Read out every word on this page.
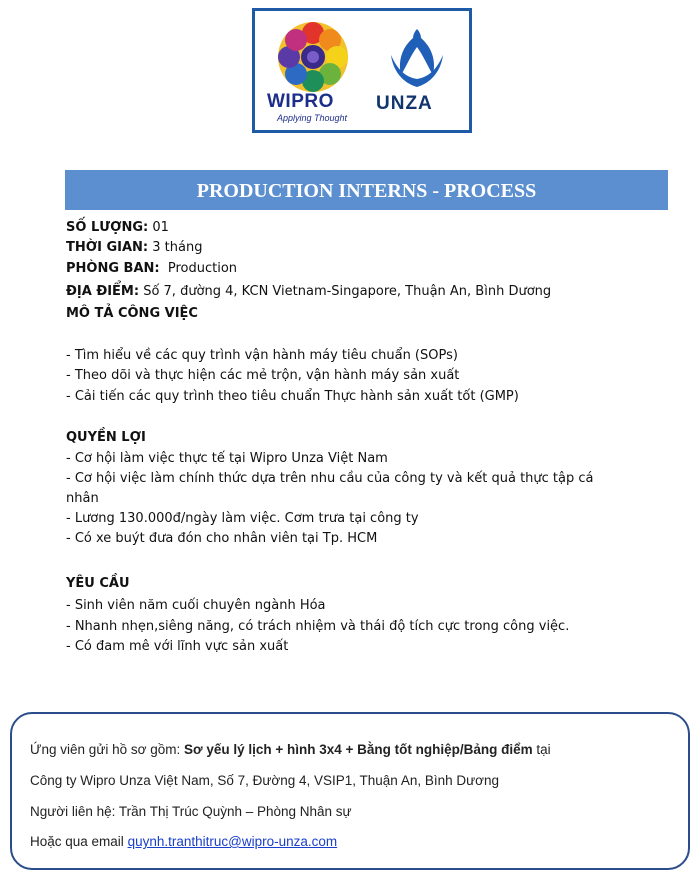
WIPRO
Applying Thought
UNZA
PRODUCTION INTERNS - PROCESS
SỐ LƯỢNG: 01
THỜI GIAN: 3 tháng
PHÒNG BAN:  Production
ĐỊA ĐIỂM: Số 7, đường 4, KCN Vietnam-Singapore, Thuận An, Bình Dương
MÔ TẢ CÔNG VIỆC
- Tìm hiểu về các quy trình vận hành máy tiêu chuẩn (SOPs)
- Theo dõi và thực hiện các mẻ trộn, vận hành máy sản xuất
- Cải tiến các quy trình theo tiêu chuẩn Thực hành sản xuất tốt (GMP)
QUYỀN LỢI
- Cơ hội làm việc thực tế tại Wipro Unza Việt Nam
- Cơ hội việc làm chính thức dựa trên nhu cầu của công ty và kết quả thực tập cá
nhân
- Lương 130.000đ/ngày làm việc. Cơm trưa tại công ty
- Có xe buýt đưa đón cho nhân viên tại Tp. HCM
YÊU CẦU
- Sinh viên năm cuối chuyên ngành Hóa
- Nhanh nhẹn,siêng năng, có trách nhiệm và thái độ tích cực trong công việc.
- Có đam mê với lĩnh vực sản xuất
Ứng viên gửi hồ sơ gồm: Sơ yếu lý lịch + hình 3x4 + Bằng tốt nghiệp/Bảng điểm tại
Công ty Wipro Unza Việt Nam, Số 7, Đường 4, VSIP1, Thuận An, Bình Dương
Người liên hệ: Trần Thị Trúc Quỳnh – Phòng Nhân sự
Hoặc qua email quynh.tranthitruc@wipro-unza.com
